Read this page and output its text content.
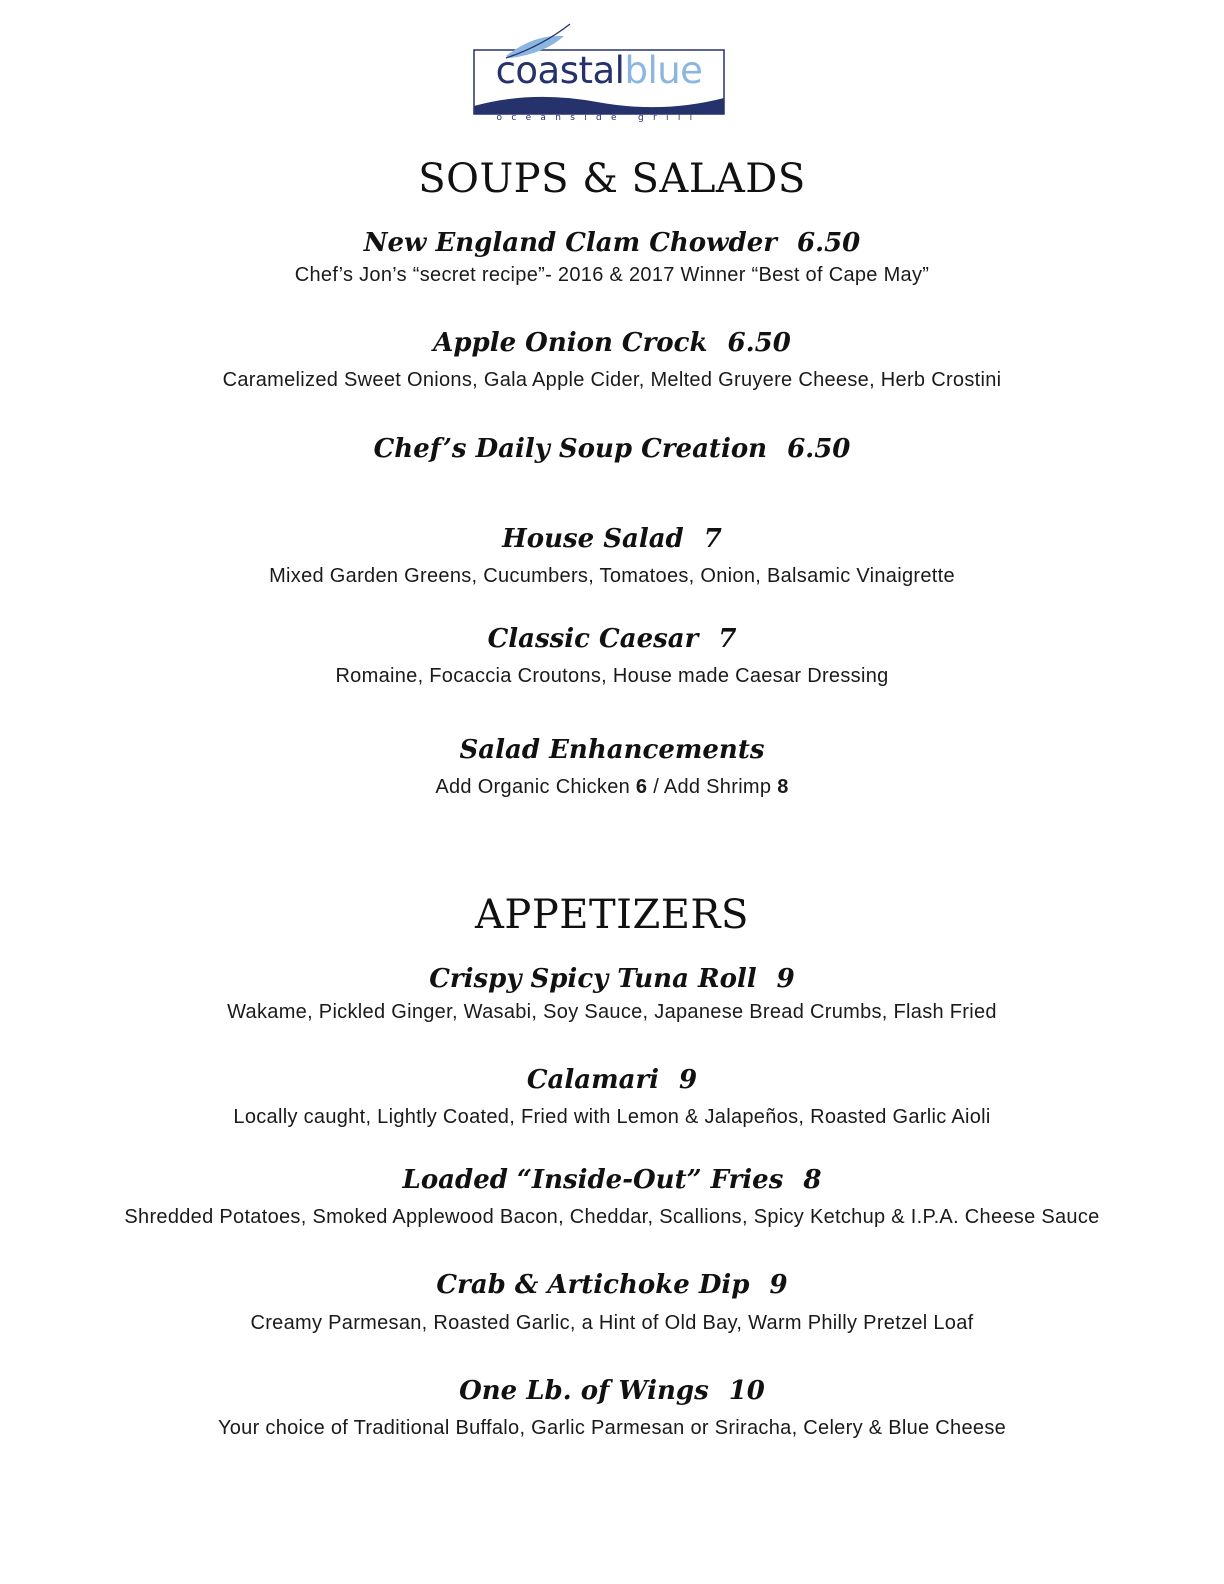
coastalblue
oceanside grill
SOUPS & SALADS
New England Clam Chowder 6.50
Chef’s Jon’s “secret recipe”- 2016 & 2017 Winner “Best of Cape May”
Apple Onion Crock 6.50
Caramelized Sweet Onions, Gala Apple Cider, Melted Gruyere Cheese, Herb Crostini
Chef’s Daily Soup Creation 6.50
House Salad 7
Mixed Garden Greens, Cucumbers, Tomatoes, Onion, Balsamic Vinaigrette
Classic Caesar 7
Romaine, Focaccia Croutons, House made Caesar Dressing
Salad Enhancements
Add Organic Chicken 6 / Add Shrimp 8
APPETIZERS
Crispy Spicy Tuna Roll 9
Wakame, Pickled Ginger, Wasabi, Soy Sauce, Japanese Bread Crumbs, Flash Fried
Calamari 9
Locally caught, Lightly Coated, Fried with Lemon & Jalapeños, Roasted Garlic Aioli
Loaded “Inside-Out” Fries 8
Shredded Potatoes, Smoked Applewood Bacon, Cheddar, Scallions, Spicy Ketchup & I.P.A. Cheese Sauce
Crab & Artichoke Dip 9
Creamy Parmesan, Roasted Garlic, a Hint of Old Bay, Warm Philly Pretzel Loaf
One Lb. of Wings 10
Your choice of Traditional Buffalo, Garlic Parmesan or Sriracha, Celery & Blue Cheese
